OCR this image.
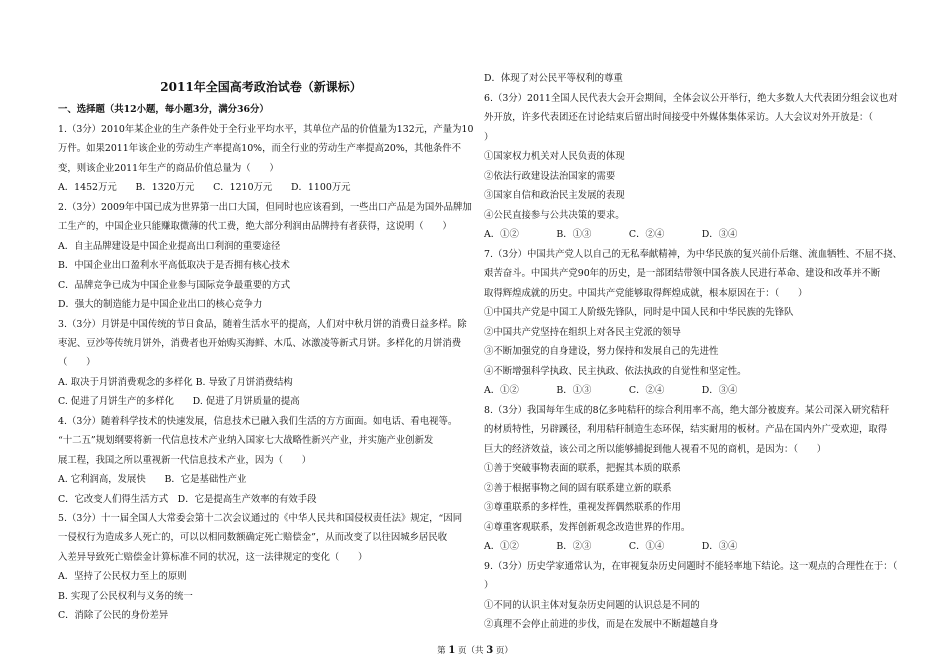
2011年全国高考政治试卷（新课标）
一、选择题（共12小题，每小题3分，满分36分）
1.（3分）2010年某企业的生产条件处于全行业平均水平，其单位产品的价值量为132元，产量为10
万件。如果2011年该企业的劳动生产率提高10%，而全行业的劳动生产率提高20%，其他条件不
变，则该企业2011年生产的商品价值总量为（　　）
A．1452万元　　B．1320万元　　C．1210万元　　D．1100万元
2.（3分）2009年中国已成为世界第一出口大国，但同时也应该看到，一些出口产品是为国外品牌加
工生产的，中国企业只能赚取微薄的代工费，绝大部分利润由品牌持有者获得，这说明（　　）
A．自主品牌建设是中国企业提高出口利润的重要途径
B．中国企业出口盈利水平高低取决于是否拥有核心技术
C．品牌竞争已成为中国企业参与国际竞争最重要的方式
D．强大的制造能力是中国企业出口的核心竞争力
3.（3分）月饼是中国传统的节日食品，随着生活水平的提高，人们对中秋月饼的消费日益多样。除
枣泥、豆沙等传统月饼外，消费者也开始购买海鲜、木瓜、冰激凌等新式月饼。多样化的月饼消费
（　　）
A. 取决于月饼消费观念的多样化 B. 导致了月饼消费结构
C. 促进了月饼生产的多样化　　D. 促进了月饼质量的提高
4.（3分）随着科学技术的快速发展，信息技术已融入我们生活的方方面面。如电话、看电视等。
“十二五”规划纲要将新一代信息技术产业纳入国家七大战略性新兴产业，并实施产业创新发
展工程，我国之所以重视新一代信息技术产业，因为（　　）
A. 它利润高，发展快　　B．它是基础性产业
C．它改变人们得生活方式　D．它是提高生产效率的有效手段
5.（3分）十一届全国人大常委会第十二次会议通过的《中华人民共和国侵权责任法》规定，“因同
一侵权行为造成多人死亡的，可以以相同数额确定死亡赔偿金”，从而改变了以往因城乡居民收
入差异导致死亡赔偿金计算标准不同的状况，这一法律规定的变化（　　）
A．坚持了公民权力至上的原则
B. 实现了公民权利与义务的统一
C．消除了公民的身份差异
D．体现了对公民平等权利的尊重
6.（3分）2011全国人民代表大会开会期间，全体会议公开举行，绝大多数人大代表团分组会议也对
外开放，许多代表团还在讨论结束后留出时间接受中外媒体集体采访。人大会议对外开放是：（
）
①国家权力机关对人民负责的体现
②依法行政建设法治国家的需要
③国家自信和政治民主发展的表现
④公民直接参与公共决策的要求。
A．①②　　　　B．①③　　　　C．②④　　　　D．③④
7.（3分）中国共产党人以自己的无私奉献精神，为中华民族的复兴前仆后继、流血牺牲、不屈不挠、
艰苦奋斗。中国共产党90年的历史，是一部团结带领中国各族人民进行革命、建设和改革并不断
取得辉煌成就的历史。中国共产党能够取得辉煌成就，根本原因在于：（　　）
①中国共产党是中国工人阶级先锋队，同时是中国人民和中华民族的先锋队
②中国共产党坚持在组织上对各民主党派的领导
③不断加强党的自身建设，努力保持和发展自己的先进性
④不断增强科学执政、民主执政、依法执政的自觉性和坚定性。
A．①②　　　　B．①③　　　　C．②④　　　　D．③④
8.（3分）我国每年生成的8亿多吨秸秆的综合利用率不高，绝大部分被废弃。某公司深入研究秸秆
的材质特性，另辟蹊径，利用秸秆制造生态环保，结实耐用的板材。产品在国内外广受欢迎，取得
巨大的经济效益，该公司之所以能够捕捉到他人视看不见的商机，是因为：（　　）
①善于突破事物表面的联系，把握其本质的联系
②善于根据事物之间的固有联系建立新的联系
③尊重联系的多样性，重视发挥偶然联系的作用
④尊重客观联系，发挥创新观念改造世界的作用。
A．①②　　　　B．②③　　　　C．①④　　　　D．③④
9.（3分）历史学家通常认为，在审视复杂历史问题时不能轻率地下结论。这一观点的合理性在于：（
）
①不同的认识主体对复杂历史问题的认识总是不同的
②真理不会停止前进的步伐，而是在发展中不断超越自身
第 1 页（共 3 页）
